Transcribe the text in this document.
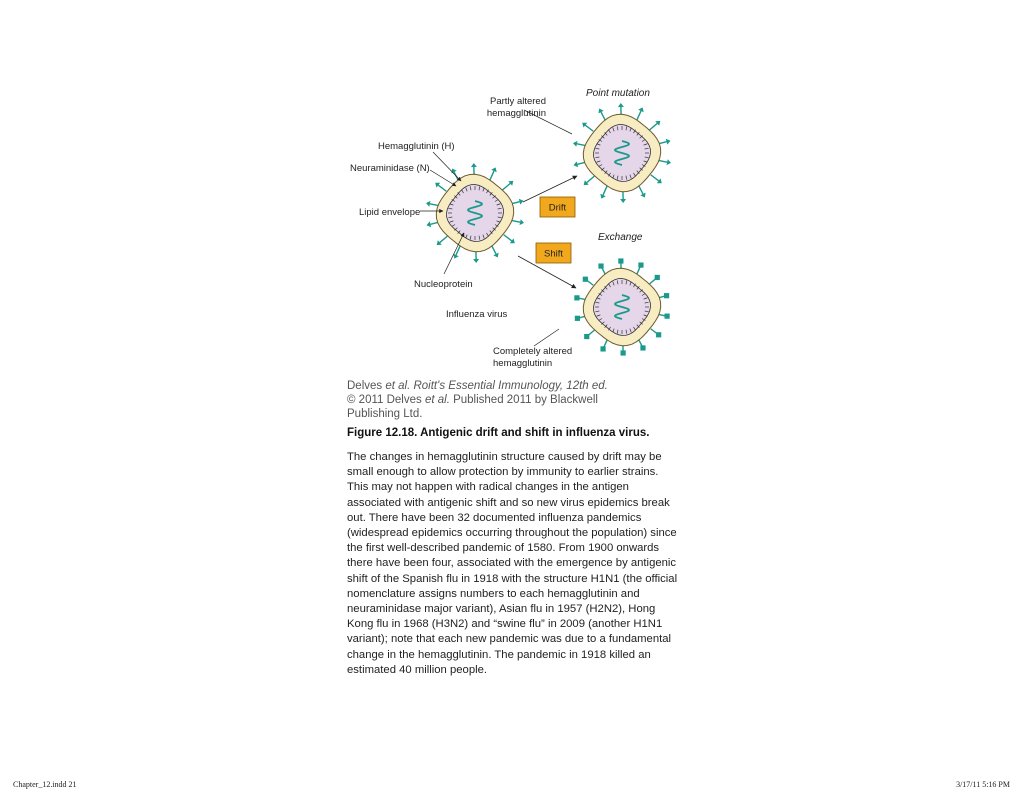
Drift
Shift
Partly altered
hemagglutinin
Point mutation
Hemagglutinin (H)
Neuraminidase (N)
Lipid envelope
Exchange
Nucleoprotein
Influenza virus
Completely altered
hemagglutinin
Delves et al. Roitt's Essential Immunology, 12th ed.
© 2011 Delves et al. Published 2011 by Blackwell
Publishing Ltd.
Figure 12.18. Antigenic drift and shift in influenza virus.

The changes in hemagglutinin structure caused by drift may be small enough to allow protection by immunity to earlier strains. This may not happen with radical changes in the antigen associated with antigenic shift and so new virus epidemics break out. There have been 32 documented influenza pandemics (widespread epidemics occurring throughout the population) since the first well-described pandemic of 1580. From 1900 onwards there have been four, associated with the emergence by antigenic shift of the Spanish flu in 1918 with the structure H1N1 (the official nomenclature assigns numbers to each hemagglutinin and neuraminidase major variant), Asian flu in 1957 (H2N2), Hong Kong flu in 1968 (H3N2) and “swine flu” in 2009 (another H1N1 variant); note that each new pandemic was due to a fundamental change in the hemagglutinin. The pandemic in 1918 killed an estimated 40 million people.

Chapter_12.indd 21	3/17/11 5:16 PM
